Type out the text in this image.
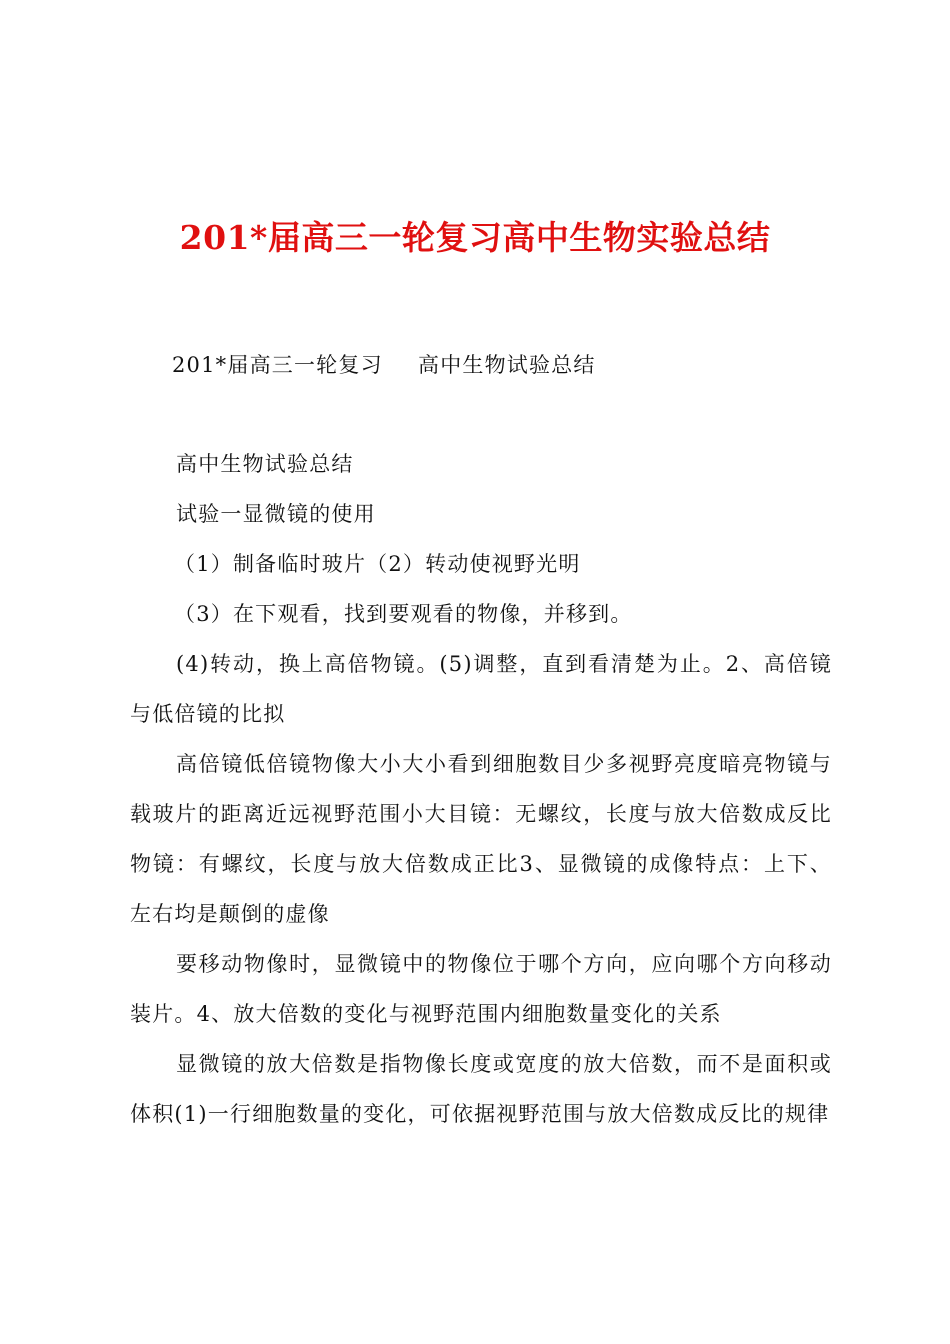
201*届高三一轮复习高中生物实验总结
201*届高三一轮复习 高中生物试验总结
高中生物试验总结
试验一显微镜的使用
（1）制备临时玻片（2）转动使视野光明
（3）在下观看，找到要观看的物像，并移到。
(4)转动，换上高倍物镜。(5)调整，直到看清楚为止。2、高倍镜与低倍镜的比拟
高倍镜低倍镜物像大小大小看到细胞数目少多视野亮度暗亮物镜与载玻片的距离近远视野范围小大目镜：无螺纹，长度与放大倍数成反比物镜：有螺纹，长度与放大倍数成正比3、显微镜的成像特点：上下、左右均是颠倒的虚像
要移动物像时，显微镜中的物像位于哪个方向，应向哪个方向移动装片。4、放大倍数的变化与视野范围内细胞数量变化的关系
显微镜的放大倍数是指物像长度或宽度的放大倍数，而不是面积或体积(1)一行细胞数量的变化，可依据视野范围与放大倍数成反比的规律
